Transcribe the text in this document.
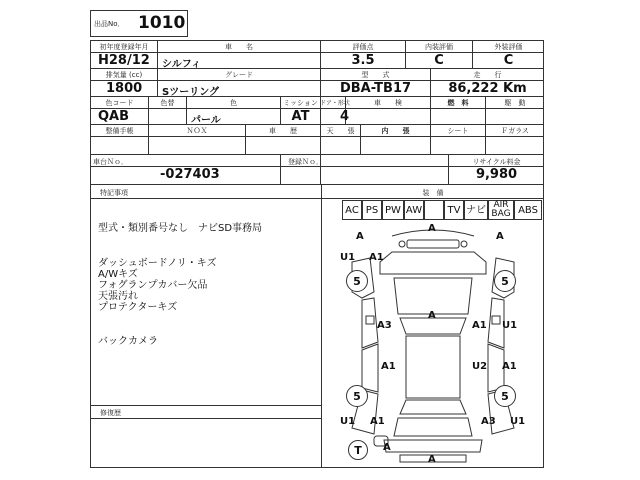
出品No． 1010
初年度登録年月
H28/12
車　　名
シルフィ
評価点
3.5
内装評価
C
外装評価
C
排気量 (cc)
1800
グレード
Sツーリング
型　　式
DBA-TB17
走　　行
86,222 Km
色コード
QAB
色替	色
パール
ミッション
AT
ドア・形状
4
車　　検	燃　料	駆　動
整備手帳	ＮＯＸ	車　　歴	天　　張	内　　張	シート	Ｆガラス
車台Ｎｏ．
-027403
登録Ｎｏ．	リサイクル料金
9,980
特記事項
型式・類別番号なし　ナビSD事務局
ダッシュボードノリ・キズ
A/Wキズ
フォグランプカバー欠品
天張汚れ
プロテクターキズ
バックカメラ
修復歴
装　備
AC PS PW AW	TV ナビ AIR BAG ABS
5	5
5	5
T
A
A
A
U1 A1
A3
A
A1 U1
A1	U2 A1
U1 A1	A3 U1
A
A
